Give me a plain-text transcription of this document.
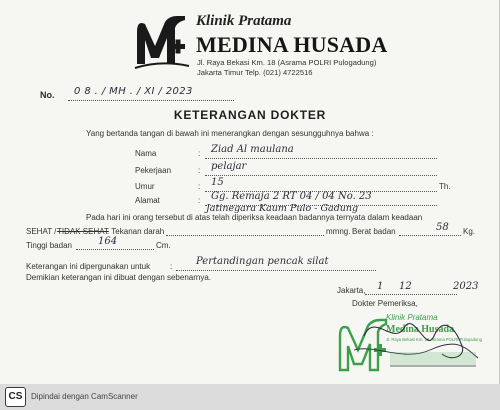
Klinik Pratama
MEDINA HUSADA
Jl. Raya Bekasi Km. 18 (Asrama POLRI Pulogadung)
Jakarta Timur Telp. (021) 4722516
No. 0 8 . / MH . / XI / 2023
KETERANGAN DOKTER
Yang bertanda tangan di bawah ini menerangkan dengan sesungguhnya bahwa :
Nama	: Ziad Al maulana
Pekerjaan	: pelajar
Umur	: 15	Th.
Alamat	: Gg. Remaja 2 RT 04 / 04 No. 23
Jatinegara Kaum Pulo - Gadung
Pada hari ini orang tersebut di atas telah diperiksa keadaan badannya ternyata dalam keadaan
SEHAT / TIDAK SEHAT
. Tekanan darah	mmng. Berat badan	58 Kg.
Tinggi badan	164	Cm.
Keterangan ini dipergunakan untuk : Pertandingan pencak silat
Demikian keterangan ini dibuat dengan sebenarnya.
Jakarta, 1 12	2023
Dokter Pemeriksa,
Klinik Pratama
Medina Husada
Jl. Raya Bekasi Km. 18 Asrama POLRI Pulogadung
CS	Dipindai dengan CamScanner
